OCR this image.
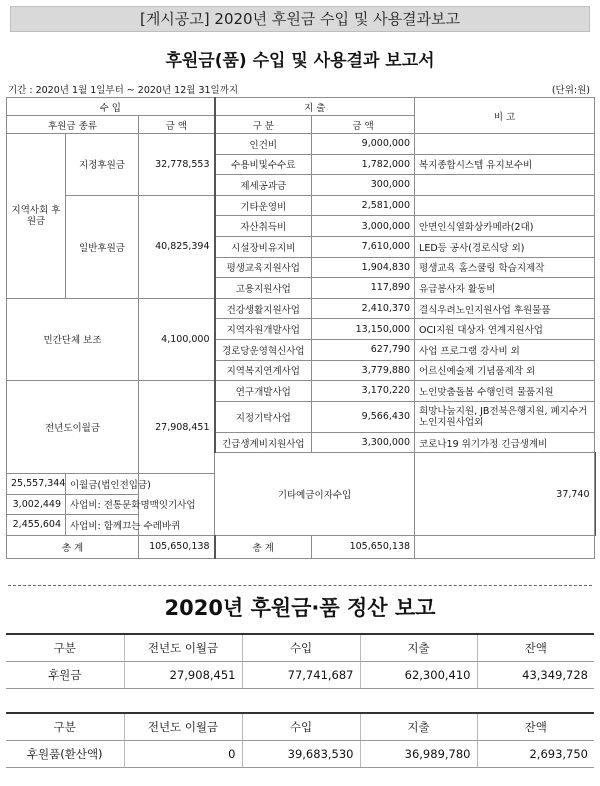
[게시공고] 2020년 후원금 수입 및 사용결과보고
후원금(품) 수입 및 사용결과 보고서
기간 : 2020년 1월 1일부터 ~ 2020년 12월 31일까지	(단위:원)
수 입			지 출		비 고	
후원금 종류		금 액	구 분	금 액		
지역사회 후원금	지정후원금	32,778,553	인건비	9,000,000		
			수용비및수수료	1,782,000	복지종합시스템 유지보수비	
			제세공과금	300,000		
	일반후원금	40,825,394	기타운영비	2,581,000		
			자산취득비	3,000,000	안면인식열화상카메라(2대)	
			시설장비유지비	7,610,000	LED등 공사(경로식당 외)	
			평생교육지원사업	1,904,830	평생교육 홈스쿨링 학습지제작	
			고용지원사업	117,890	유급봉사자 활동비	
민간단체 보조		4,100,000	건강생활지원사업	2,410,370	결식우려노인지원사업 후원물품	
			지역자원개발사업	13,150,000	OCI지원 대상자 연계지원사업	
			경로당운영혁신사업	627,790	사업 프로그램 강사비 외	
			지역복지연계사업	3,779,880	어르신예술제 기념품제작 외	
전년도이월금		27,908,451	연구개발사업	3,170,220	노인맞춤돌봄 수행인력 물품지원	
			지정기탁사업	9,566,430	희망나눔지원, JB전북은행지원, 폐지수거노인지원사업외	
			긴급생계비지원사업	3,300,000	코로나19 위기가정 긴급생계비	
			기타예금이자수입		37,740			
25,557,344	이월금(법인전입금)					
3,002,449	사업비: 전통문화명맥잇기사업					
2,455,604	사업비: 함께끄는 수레바퀴					
총 계		105,650,138	총 계	105,650,138		
2020년 후원금·품 정산 보고
구분	전년도 이월금	수입	지출	잔액
후원금	27,908,451	77,741,687	62,300,410	43,349,728
구분	전년도 이월금	수입	지출	잔액
후원품(환산액)	0	39,683,530	36,989,780	2,693,750
